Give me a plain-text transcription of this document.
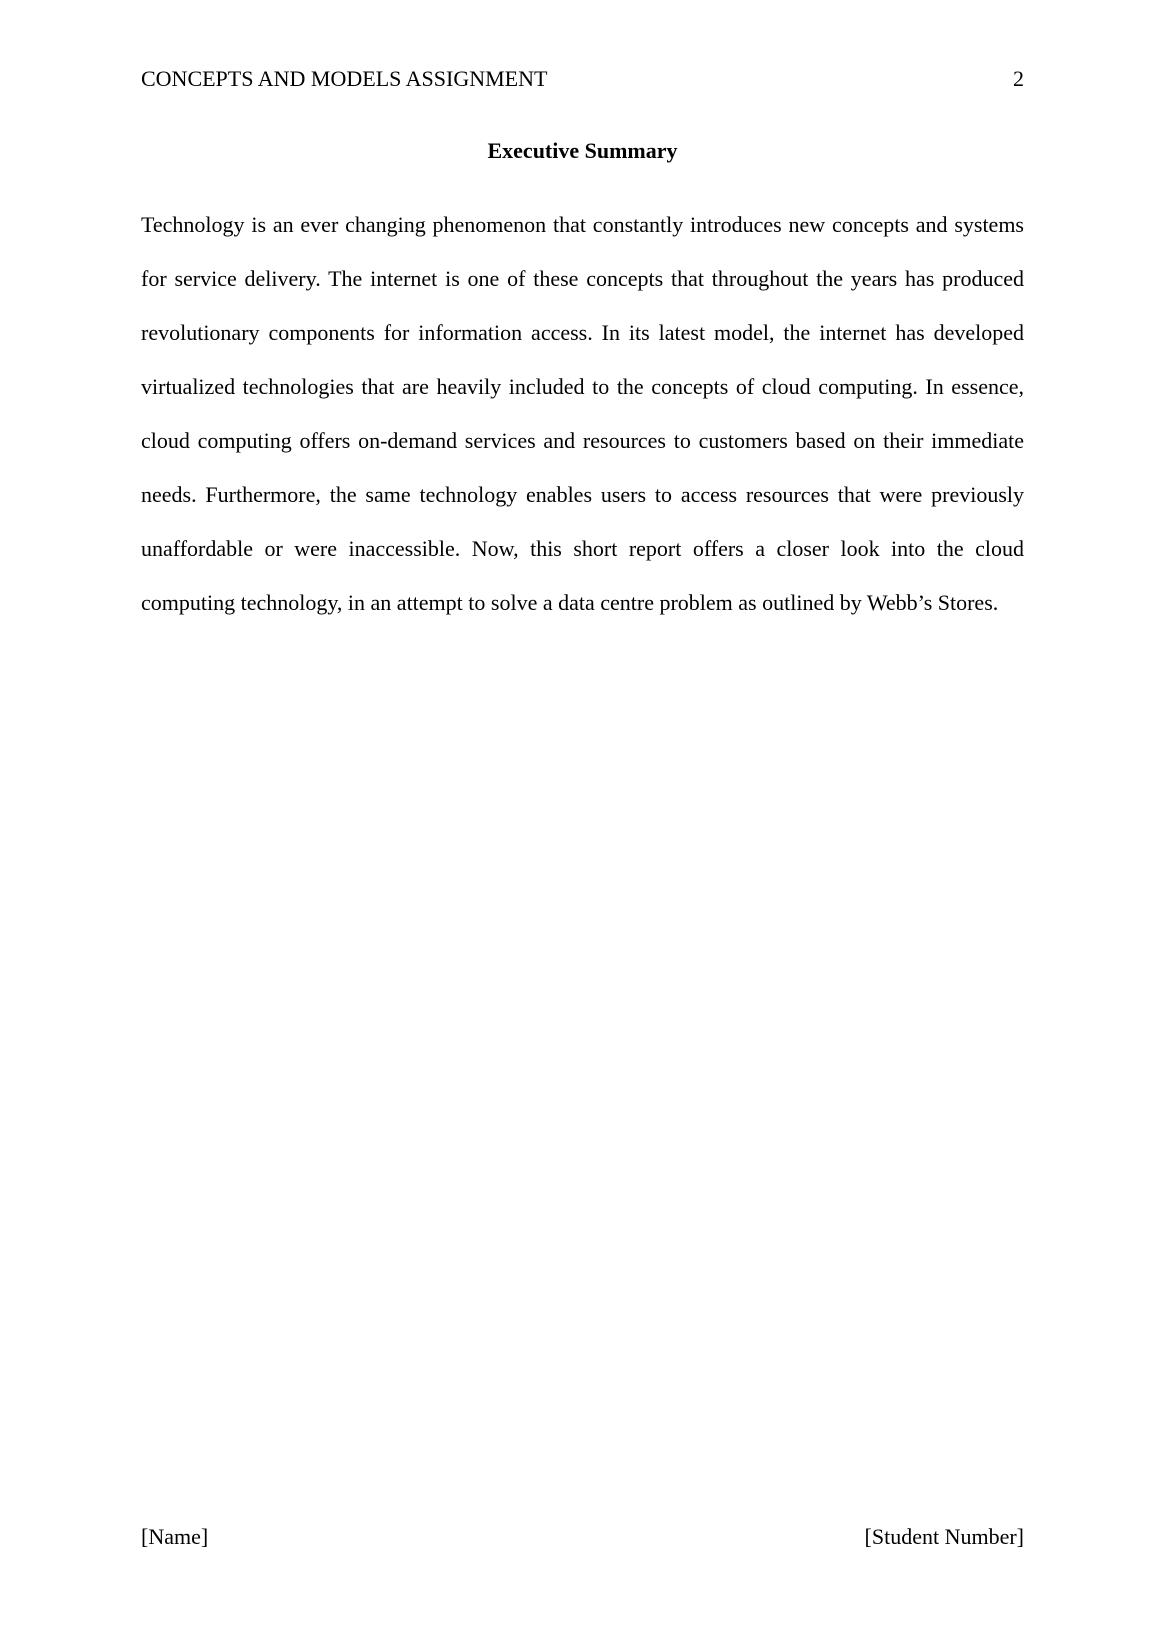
CONCEPTS AND MODELS ASSIGNMENT	2
Executive Summary

Technology is an ever changing phenomenon that constantly introduces new concepts and systems for service delivery. The internet is one of these concepts that throughout the years has produced revolutionary components for information access. In its latest model, the internet has developed virtualized technologies that are heavily included to the concepts of cloud computing. In essence, cloud computing offers on-demand services and resources to customers based on their immediate needs. Furthermore, the same technology enables users to access resources that were previously unaffordable or were inaccessible. Now, this short report offers a closer look into the cloud computing technology, in an attempt to solve a data centre problem as outlined by Webb’s Stores.

[Name]	[Student Number]
